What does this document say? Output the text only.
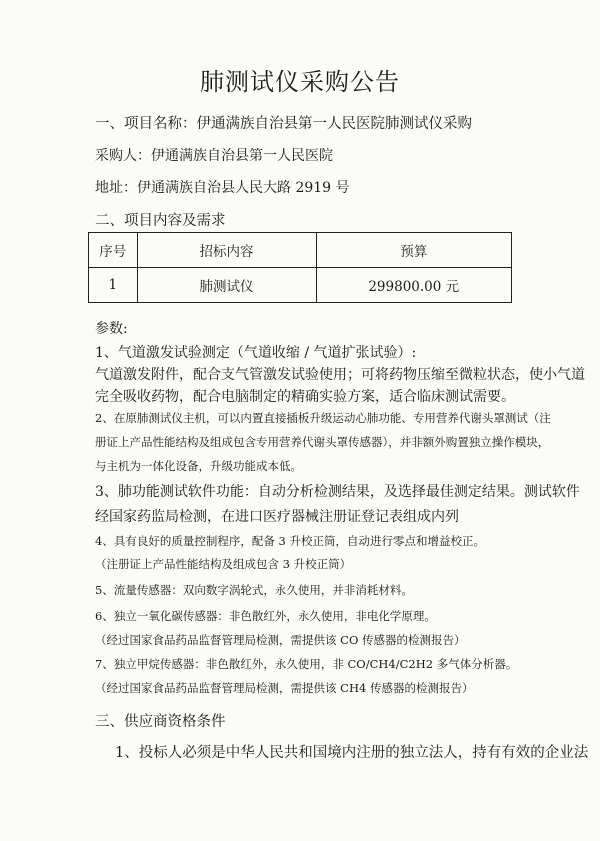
肺测试仪采购公告
一、项目名称：伊通满族自治县第一人民医院肺测试仪采购
采购人：伊通满族自治县第一人民医院
地址：伊通满族自治县人民大路 2919 号
二、项目内容及需求
序号	招标内容	预算
1	肺测试仪	299800.00 元
参数:
1、气道激发试验测定（气道收缩 / 气道扩张试验）:
气道激发附件，配合支气管激发试验使用；可将药物压缩至微粒状态，使小气道
完全吸收药物，配合电脑制定的精确实验方案，适合临床测试需要。
2、在原肺测试仪主机，可以内置直接插板升级运动心肺功能、专用营养代谢头罩测试（注
册证上产品性能结构及组成包含专用营养代谢头罩传感器），并非额外购置独立操作模块，
与主机为一体化设备，升级功能成本低。
3、肺功能测试软件功能：自动分析检测结果，及选择最佳测定结果。测试软件
经国家药监局检测，在进口医疗器械注册证登记表组成内列
4、具有良好的质量控制程序，配备 3 升校正筒，自动进行零点和增益校正。
（注册证上产品性能结构及组成包含 3 升校正筒）
5、流量传感器：双向数字涡轮式，永久使用，并非消耗材料。
6、独立一氧化碳传感器：非色散红外，永久使用，非电化学原理。
（经过国家食品药品监督管理局检测，需提供该 CO 传感器的检测报告）
7、独立甲烷传感器：非色散红外，永久使用，非 CO/CH4/C2H2 多气体分析器。
（经过国家食品药品监督管理局检测，需提供该 CH4 传感器的检测报告）
三、供应商资格条件
1、投标人必须是中华人民共和国境内注册的独立法人，持有有效的企业法
